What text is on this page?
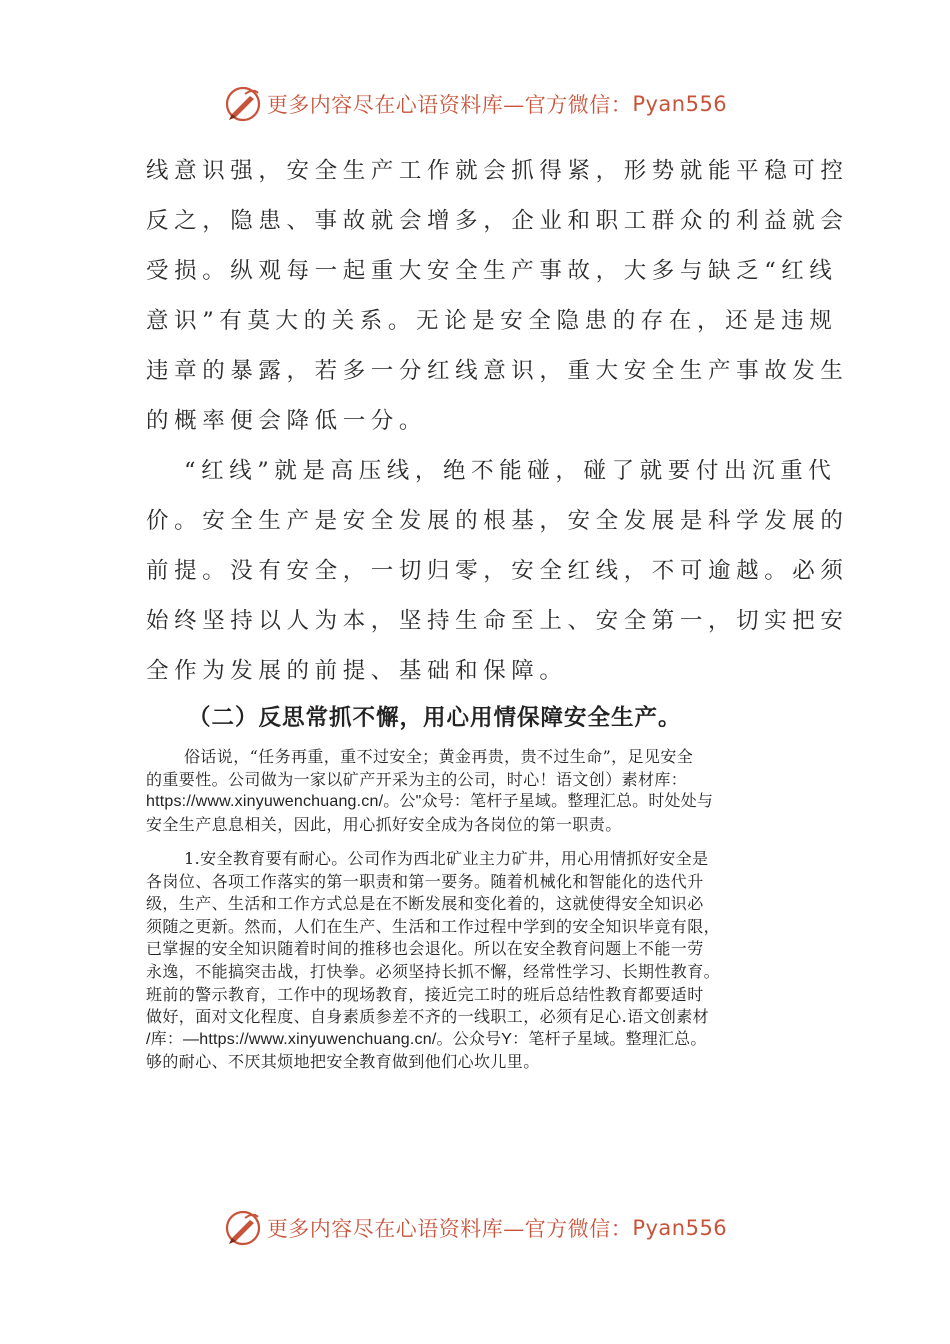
更多内容尽在心语资料库—官方微信： Pyan556
线意识强，安全生产工作就会抓得紧，形势就能平稳可控
反之，隐患、事故就会增多，企业和职工群众的利益就会
受损。纵观每一起重大安全生产事故，大多与缺乏“红线
意识”有莫大的关系。无论是安全隐患的存在，还是违规
违章的暴露，若多一分红线意识，重大安全生产事故发生
的概率便会降低一分。
“红线”就是高压线，绝不能碰，碰了就要付出沉重代
价。安全生产是安全发展的根基，安全发展是科学发展的
前提。没有安全，一切归零，安全红线，不可逾越。必须
始终坚持以人为本，坚持生命至上、安全第一，切实把安
全作为发展的前提、基础和保障。
（二）反思常抓不懈，用心用情保障安全生产。
俗话说，“任务再重，重不过安全；黄金再贵，贵不过生命”，足见安全
的重要性。公司做为一家以矿产开采为主的公司，时心！语文创）素材库：
https://www.xinyuwenchuang.cn/。公"众号：笔杆子星域。整理汇总。时处处与
安全生产息息相关，因此，用心抓好安全成为各岗位的第一职责。
1.安全教育要有耐心。公司作为西北矿业主力矿井，用心用情抓好安全是
各岗位、各项工作落实的第一职责和第一要务。随着机械化和智能化的迭代升
级，生产、生活和工作方式总是在不断发展和变化着的，这就使得安全知识必
须随之更新。然而，人们在生产、生活和工作过程中学到的安全知识毕竟有限，
已掌握的安全知识随着时间的推移也会退化。所以在安全教育问题上不能一劳
永逸，不能搞突击战，打快拳。必须坚持长抓不懈，经常性学习、长期性教育。
班前的警示教育，工作中的现场教育，接近完工时的班后总结性教育都要适时
做好，面对文化程度、自身素质参差不齐的一线职工，必须有足心.语文创素材
/库：—https://www.xinyuwenchuang.cn/。公众号Y：笔杆子星域。整理汇总。
够的耐心、不厌其烦地把安全教育做到他们心坎儿里。
更多内容尽在心语资料库—官方微信： Pyan556
